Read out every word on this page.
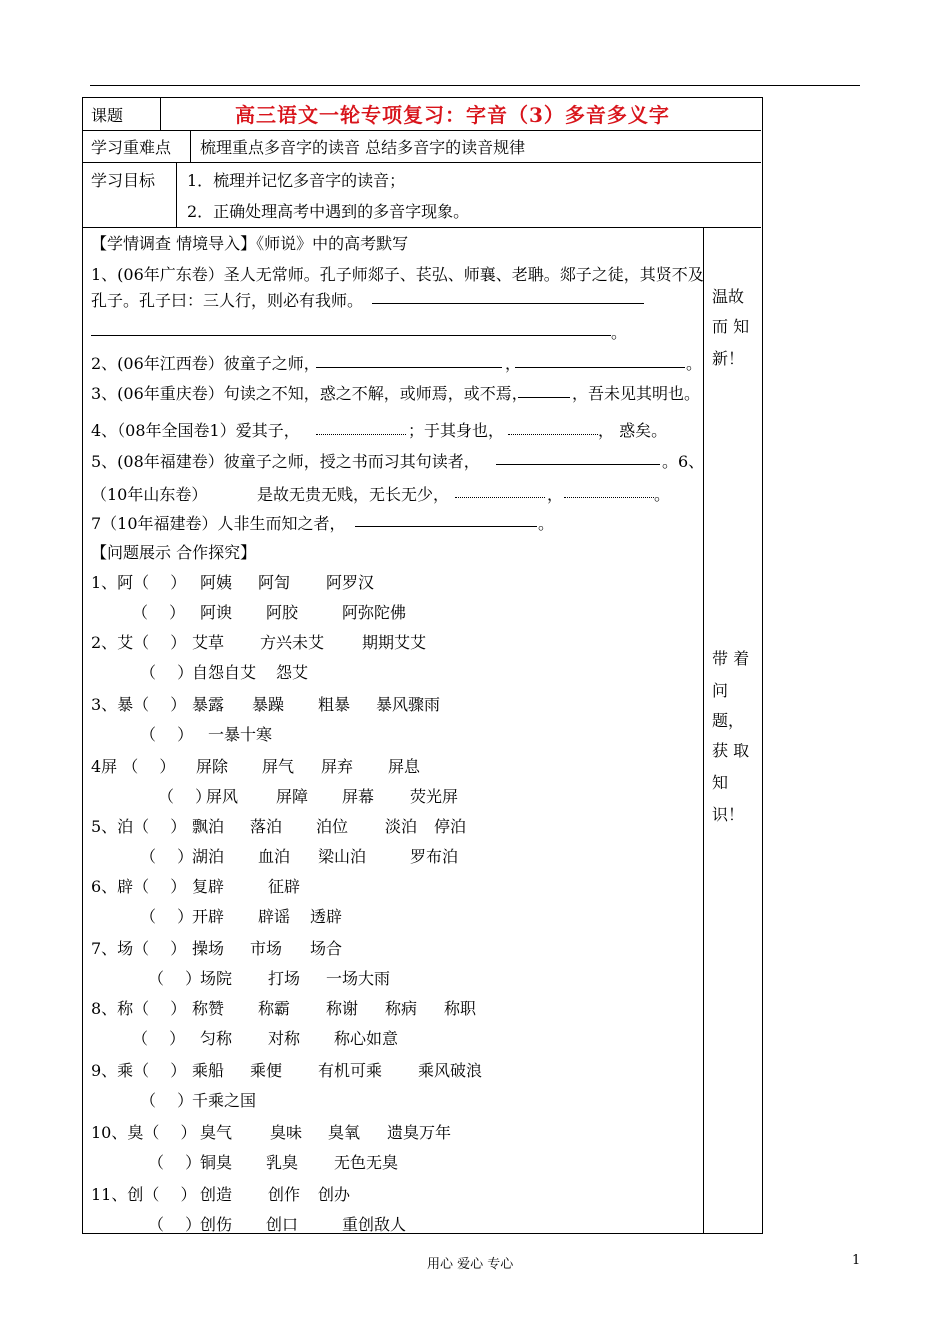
课题	高三语文一轮专项复习：字音（3）多音多义字
学习重难点 梳理重点多音字的读音 总结多音字的读音规律
学习目标 1．梳理并记忆多音字的读音；
2．正确处理高考中遇到的多音字现象。
【学情调查 情境导入】《师说》中的高考默写
1、(06年广东卷）圣人无常师。孔子师郯子、苌弘、师襄、老聃。郯子之徒，其贤不及
孔子。孔子曰：三人行，则必有我师。
。
2、(06年江西卷）彼童子之师，	，	。
3、(06年重庆卷）句读之不知，惑之不解，或师焉，或不焉，	，吾未见其明也。
4、（08年全国卷1）爱其子，	；于其身也，	， 惑矣。
5、(08年福建卷）彼童子之师，授之书而习其句读者，	。6、
（10年山东卷）	是故无贵无贱，无长无少，	，	。
7（10年福建卷）人非生而知之者，	。
【问题展示 合作探究】
1、阿（　 ） 阿姨 阿訇 阿罗汉
（　 ） 阿谀 阿胶	阿弥陀佛
2、艾（　 ） 艾草 方兴未艾 期期艾艾
（　 ）
自怨自艾 怨艾
3、暴（　 ） 暴露 暴躁 粗暴 暴风骤雨
（　 ） 一暴十寒
4屏 （　 ） 屏除 屏气 屏弃 屏息
（　 ）
屏风 屏障 屏幕 荧光屏
5、泊（　 ） 飘泊 落泊 泊位 淡泊 停泊
（　 ）
湖泊 血泊 梁山泊	罗布泊
6、辟（　 ） 复辟	征辟
（　 ）
开辟 辟谣 透辟
7、场（　 ） 操场 市场 场合
（　 ）
场院 打场 一场大雨
8、称（　 ） 称赞 称霸 称谢 称病 称职
（　 ） 匀称 对称 称心如意
9、乘（　 ） 乘船 乘便 有机可乘 乘风破浪
（　 ）
千乘之国
10、臭（　 ） 臭气 臭味 臭氧 遗臭万年
（　 ）
铜臭 乳臭 无色无臭
11、创（　 ） 创造 创作 创办
（　 ）
创伤 创口	重创敌人
温故
而 知
新！
带 着
问
题，
获 取
知
识！
用心 爱心 专心	1
